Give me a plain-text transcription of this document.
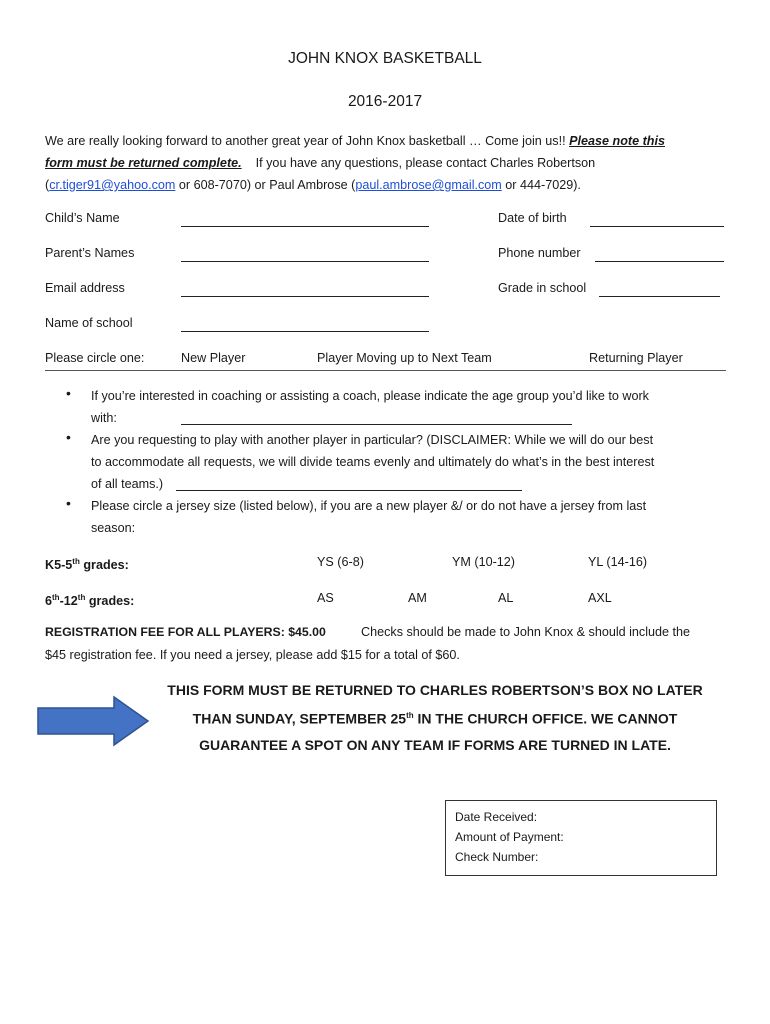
JOHN KNOX BASKETBALL
2016-2017
We are really looking forward to another great year of John Knox basketball … Come join us!! Please note this
form must be returned complete. If you have any questions, please contact Charles Robertson
(cr.tiger91@yahoo.com or 608-7070) or Paul Ambrose (paul.ambrose@gmail.com or 444-7029).
Child’s Name	Date of birth
Parent’s Names	Phone number
Email address	Grade in school
Name of school
Please circle one:	New Player	Player Moving up to Next Team	Returning Player
• If you’re interested in coaching or assisting a coach, please indicate the age group you’d like to work
with:
• Are you requesting to play with another player in particular? (DISCLAIMER: While we will do our best
to accommodate all requests, we will divide teams evenly and ultimately do what’s in the best interest
of all teams.)
• Please circle a jersey size (listed below), if you are a new player &/ or do not have a jersey from last
season:
K5-5th grades:	YS (6-8)	YM (10-12)	YL (14-16)
6th-12th grades:	AS	AM	AL	AXL
REGISTRATION FEE FOR ALL PLAYERS: $45.00	Checks should be made to John Knox & should include the
$45 registration fee. If you need a jersey, please add $15 for a total of $60.
THIS FORM MUST BE RETURNED TO CHARLES ROBERTSON’S BOX NO LATER
THAN SUNDAY, SEPTEMBER 25th IN THE CHURCH OFFICE. WE CANNOT
GUARANTEE A SPOT ON ANY TEAM IF FORMS ARE TURNED IN LATE.
Date Received:
Amount of Payment:
Check Number:
